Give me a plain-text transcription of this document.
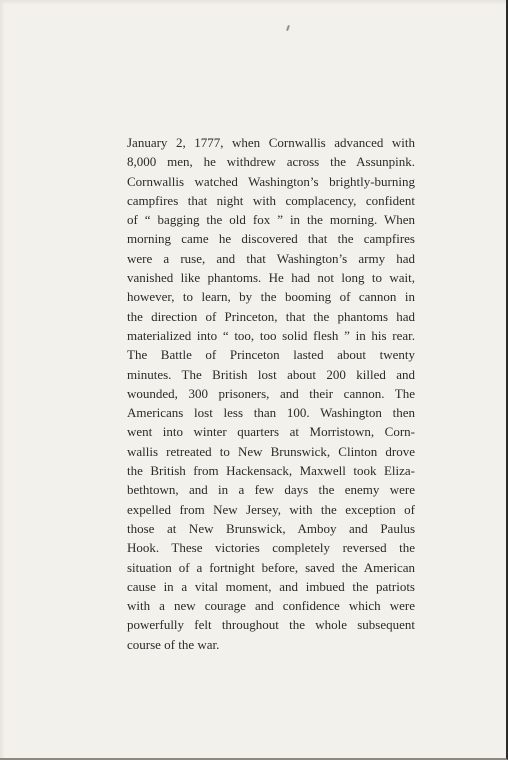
January 2, 1777, when Cornwallis advanced with
8,000 men, he withdrew across the Assunpink.
Cornwallis watched Washington’s brightly-burning
campfires that night with complacency, confident
of “ bagging the old fox ” in the morning. When
morning came he discovered that the campfires
were a ruse, and that Washington’s army had
vanished like phantoms. He had not long to wait,
however, to learn, by the booming of cannon in
the direction of Princeton, that the phantoms had
materialized into “ too, too solid flesh ” in his rear.
The Battle of Princeton lasted about twenty
minutes. The British lost about 200 killed and
wounded, 300 prisoners, and their cannon. The
Americans lost less than 100. Washington then
went into winter quarters at Morristown, Corn-
wallis retreated to New Brunswick, Clinton drove
the British from Hackensack, Maxwell took Eliza-
bethtown, and in a few days the enemy were
expelled from New Jersey, with the exception of
those at New Brunswick, Amboy and Paulus
Hook. These victories completely reversed the
situation of a fortnight before, saved the American
cause in a vital moment, and imbued the patriots
with a new courage and confidence which were
powerfully felt throughout the whole subsequent
course of the war.
